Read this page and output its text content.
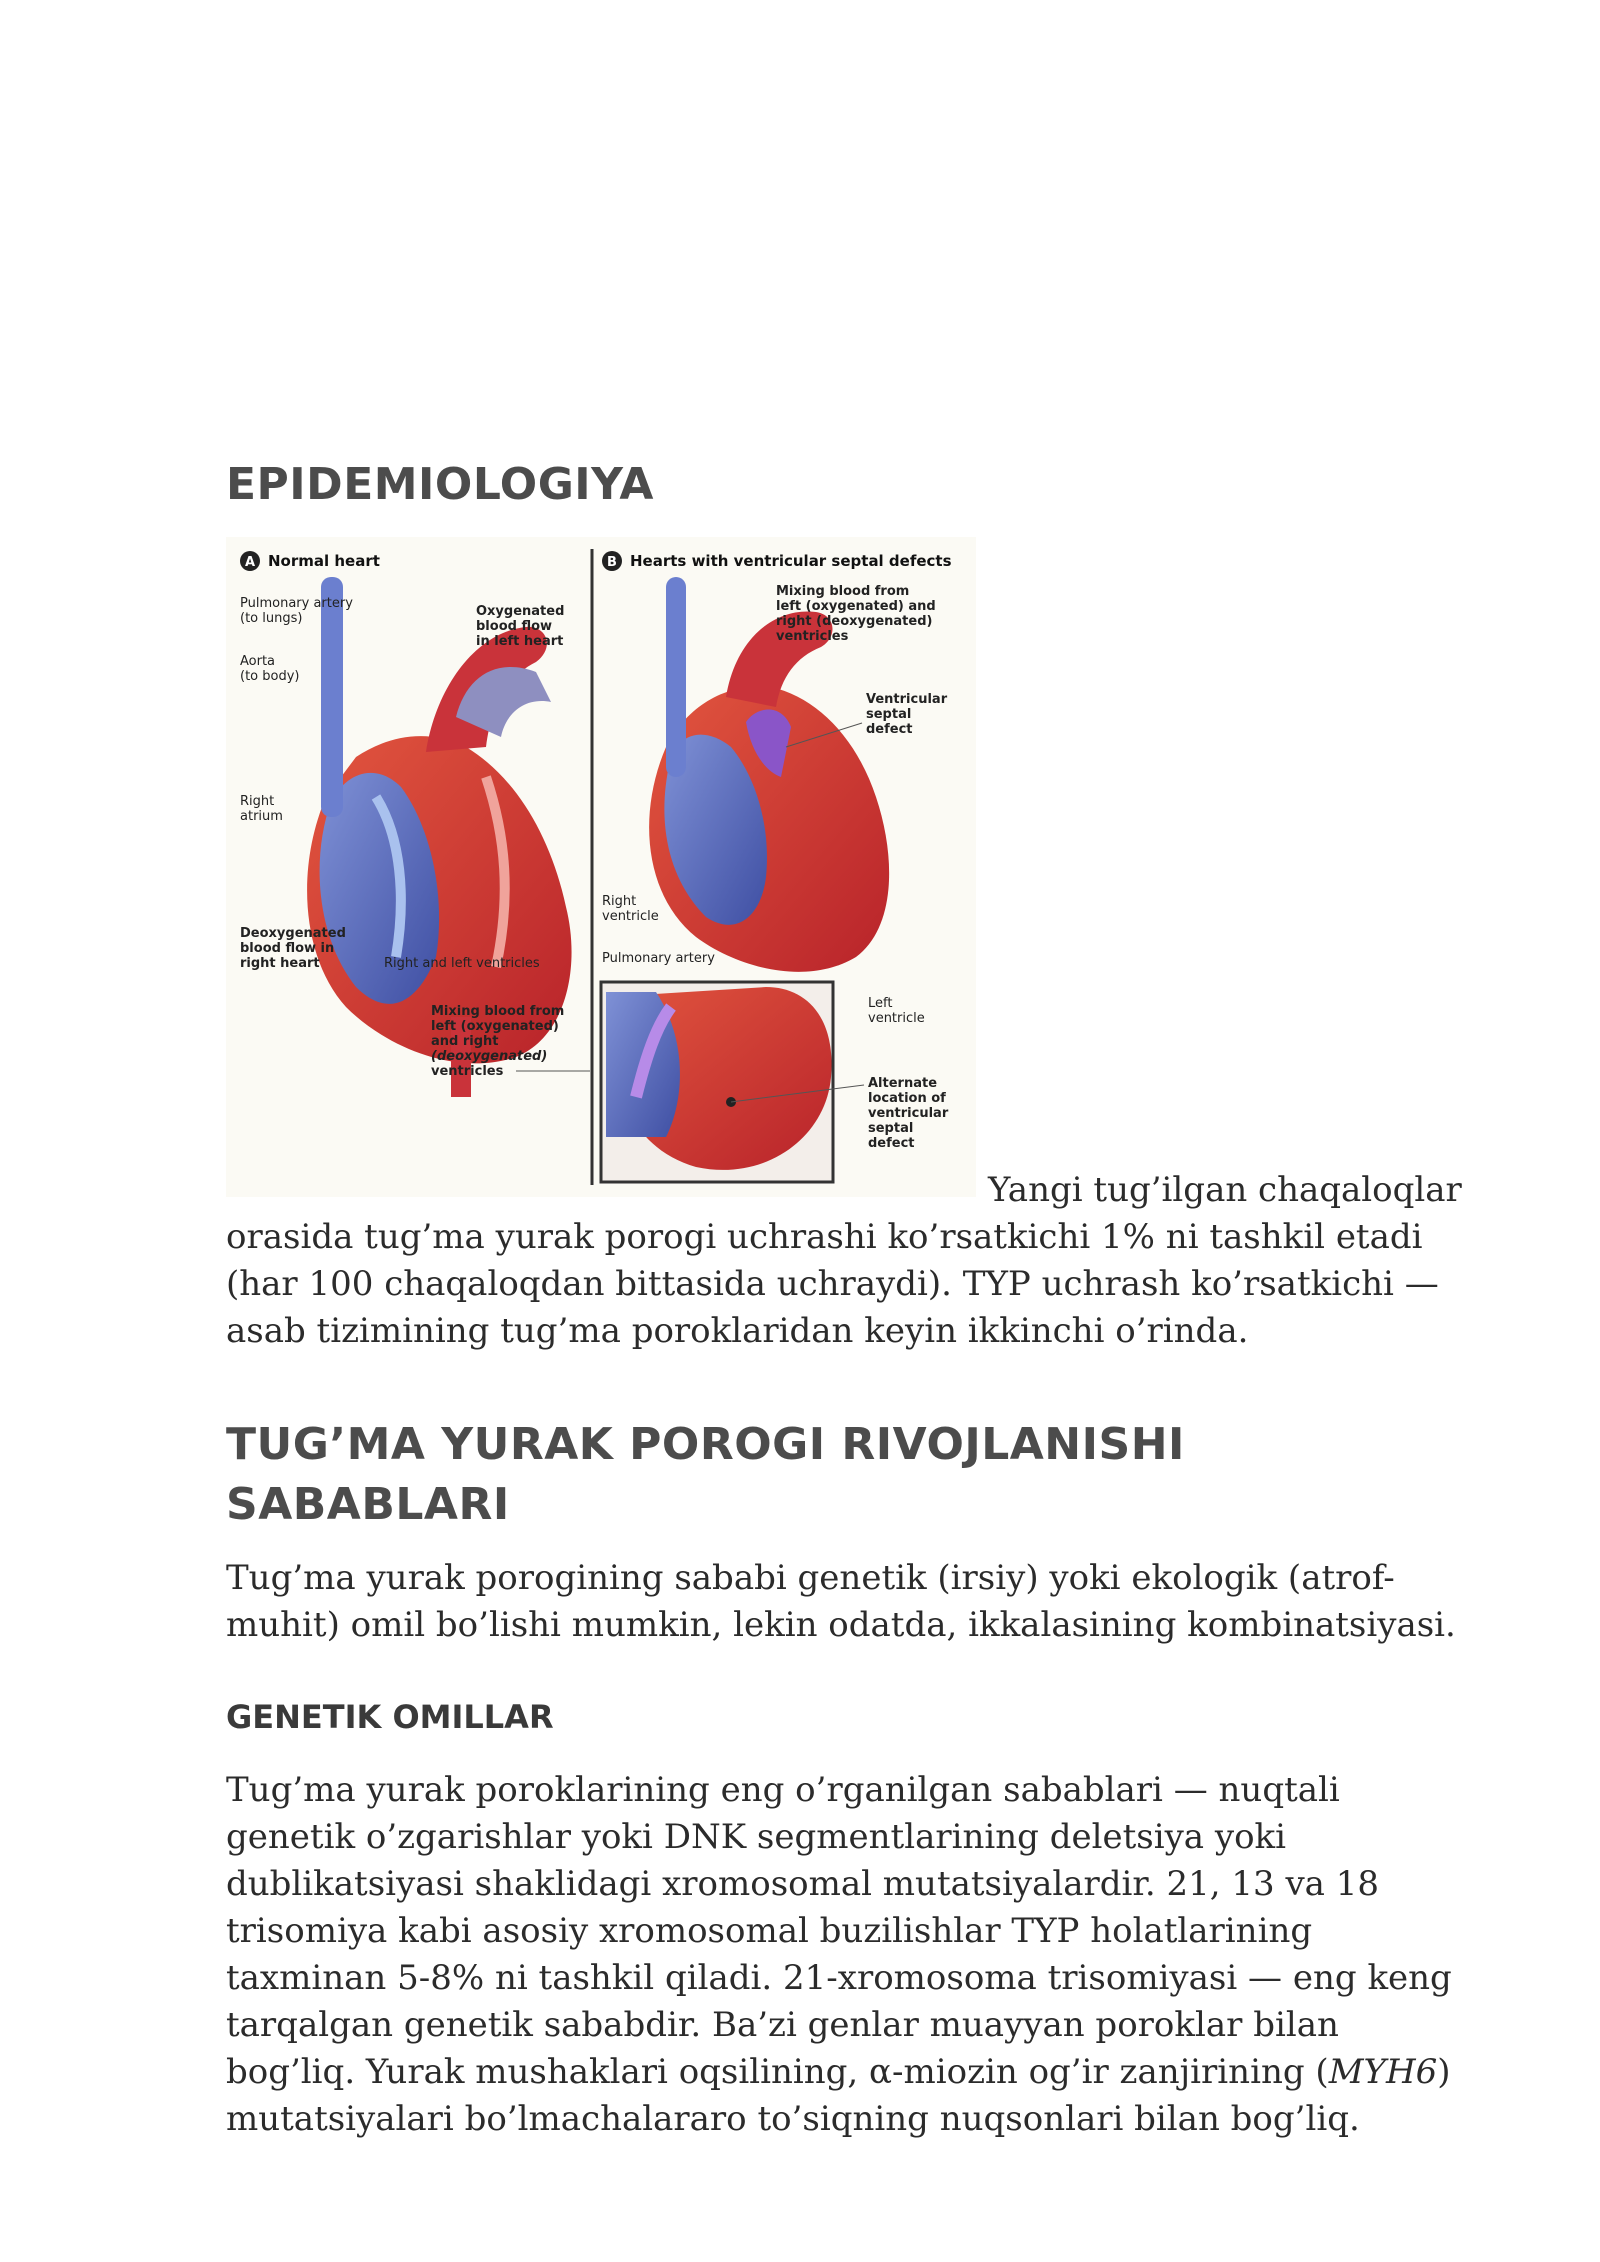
EPIDEMIOLOGIYA
A Normal heart
Pulmonary artery
(to lungs)	Oxygenated
blood flow
in left heart
Aorta
(to body)
Right
atrium
Deoxygenated
blood flow in
right heart	Right and left ventricles
Mixing blood from
left (oxygenated)
and right
(deoxygenated)
ventricles
B Hearts with ventricular septal defects
Mixing blood from
left (oxygenated) and
right (deoxygenated)
ventricles
Ventricular
septal
defect
Right
ventricle
Pulmonary artery
Left
ventricle
Alternate
location of
ventricular
septal
defect

Yangi tug’ilgan chaqaloqlar orasida tug’ma yurak porogi uchrashi ko’rsatkichi 1% ni tashkil etadi (har 100 chaqaloqdan bittasida uchraydi). TYP uchrash ko’rsatkichi — asab tizimining tug’ma poroklaridan keyin ikkinchi o’rinda.

TUG’MA YURAK POROGI RIVOJLANISHI SABABLARI

Tug’ma yurak porogining sababi genetik (irsiy) yoki ekologik (atrof-muhit) omil bo’lishi mumkin, lekin odatda, ikkalasining kombinatsiyasi.

GENETIK OMILLAR

Tug’ma yurak poroklarining eng o’rganilgan sabablari — nuqtali genetik o’zgarishlar yoki DNK segmentlarining deletsiya yoki dublikatsiyasi shaklidagi xromosomal mutatsiyalardir. 21, 13 va 18 trisomiya kabi asosiy xromosomal buzilishlar TYP holatlarining taxminan 5-8% ni tashkil qiladi. 21-xromosoma trisomiyasi — eng keng tarqalgan genetik sababdir. Ba’zi genlar muayyan poroklar bilan bog’liq. Yurak mushaklari oqsilining, α-miozin og’ir zanjirining (MYH6) mutatsiyalari bo’lmachalararo to’siqning nuqsonlari bilan bog’liq.
